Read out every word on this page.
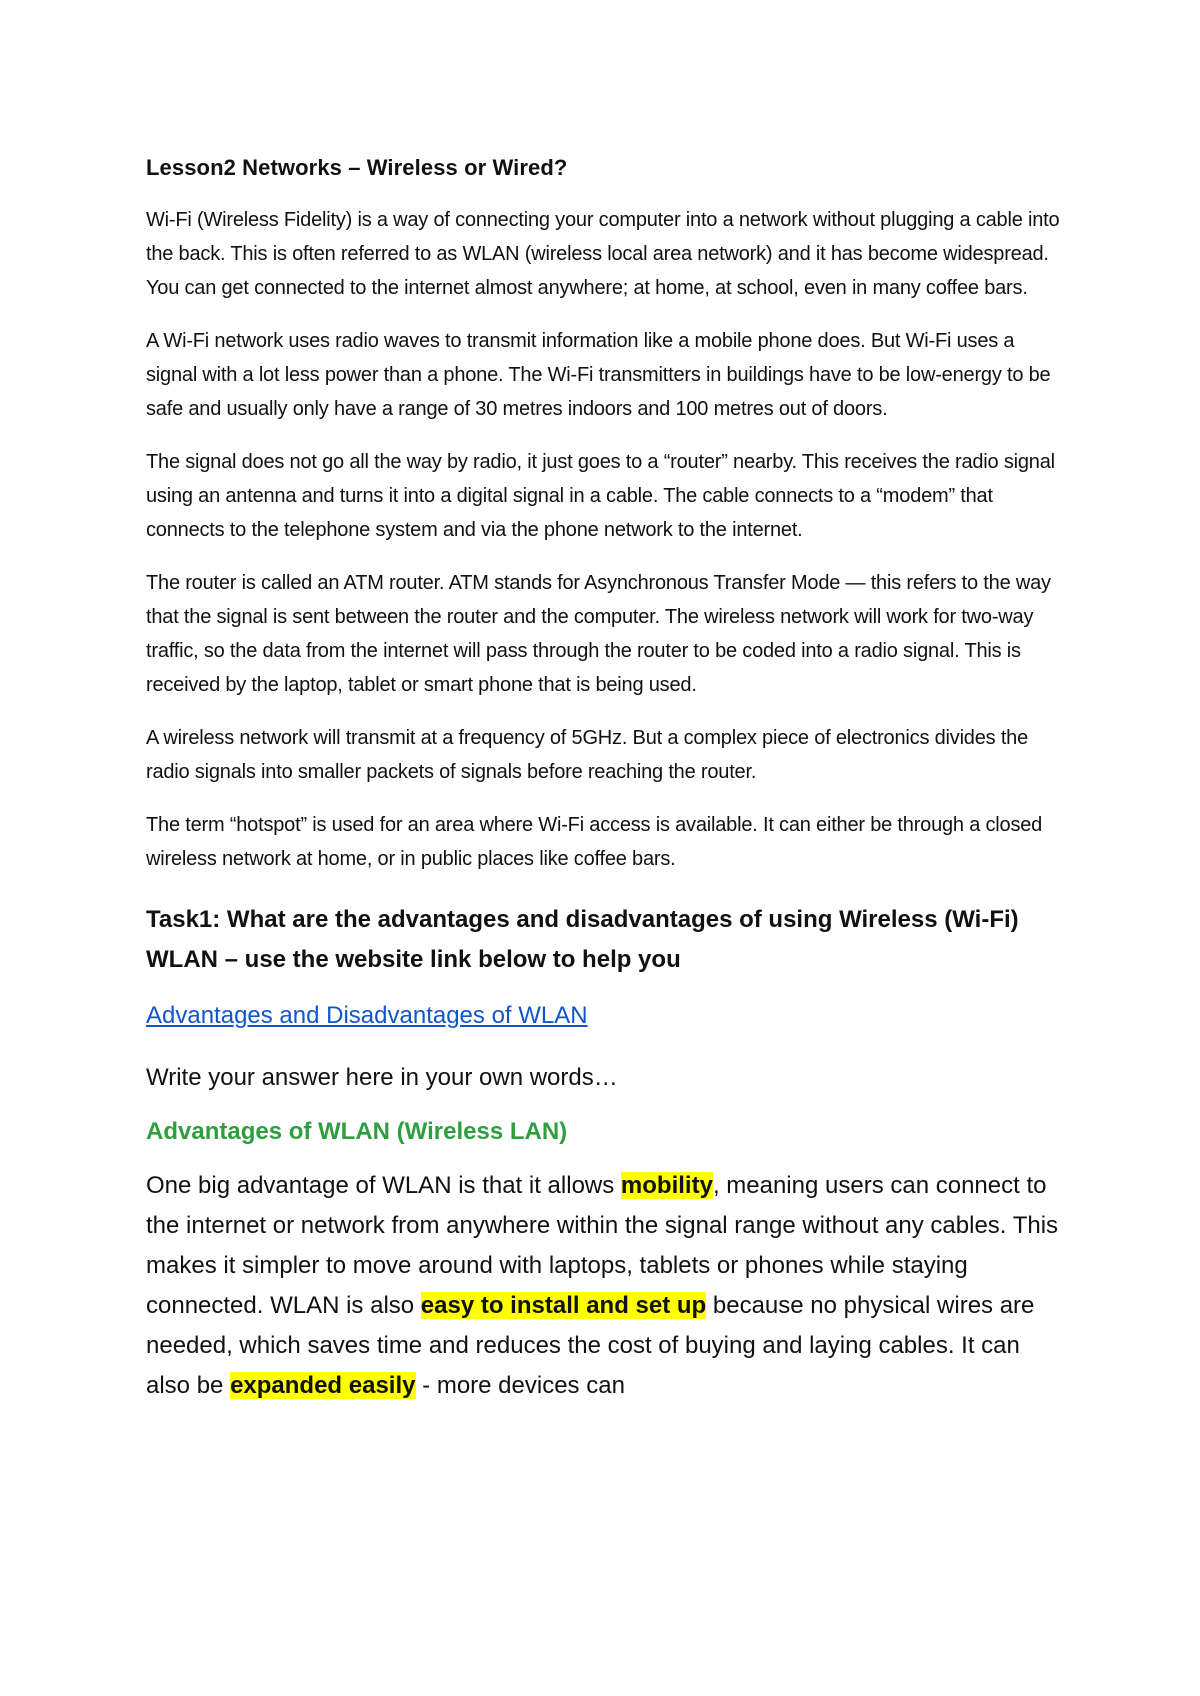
Lesson2 Networks – Wireless or Wired?

Wi-Fi (Wireless Fidelity) is a way of connecting your computer into a network without plugging a cable into the back. This is often referred to as WLAN (wireless local area network) and it has become widespread. You can get connected to the internet almost anywhere; at home, at school, even in many coffee bars.

A Wi-Fi network uses radio waves to transmit information like a mobile phone does. But Wi-Fi uses a signal with a lot less power than a phone. The Wi-Fi transmitters in buildings have to be low-energy to be safe and usually only have a range of 30 metres indoors and 100 metres out of doors.

The signal does not go all the way by radio, it just goes to a “router” nearby. This receives the radio signal using an antenna and turns it into a digital signal in a cable. The cable connects to a “modem” that connects to the telephone system and via the phone network to the internet.

The router is called an ATM router. ATM stands for Asynchronous Transfer Mode — this refers to the way that the signal is sent between the router and the computer. The wireless network will work for two-way traffic, so the data from the internet will pass through the router to be coded into a radio signal. This is received by the laptop, tablet or smart phone that is being used.

A wireless network will transmit at a frequency of 5GHz. But a complex piece of electronics divides the radio signals into smaller packets of signals before reaching the router.

The term “hotspot” is used for an area where Wi-Fi access is available. It can either be through a closed wireless network at home, or in public places like coffee bars.

Task1: What are the advantages and disadvantages of using Wireless (Wi-Fi) WLAN – use the website link below to help you
Advantages and Disadvantages of WLAN
Write your answer here in your own words…
Advantages of WLAN (Wireless LAN)

One big advantage of WLAN is that it allows mobility, meaning users can connect to the internet or network from anywhere within the signal range without any cables. This makes it simpler to move around with laptops, tablets or phones while staying connected. WLAN is also easy to install and set up because no physical wires are needed, which saves time and reduces the cost of buying and laying cables. It can also be expanded easily - more devices can
